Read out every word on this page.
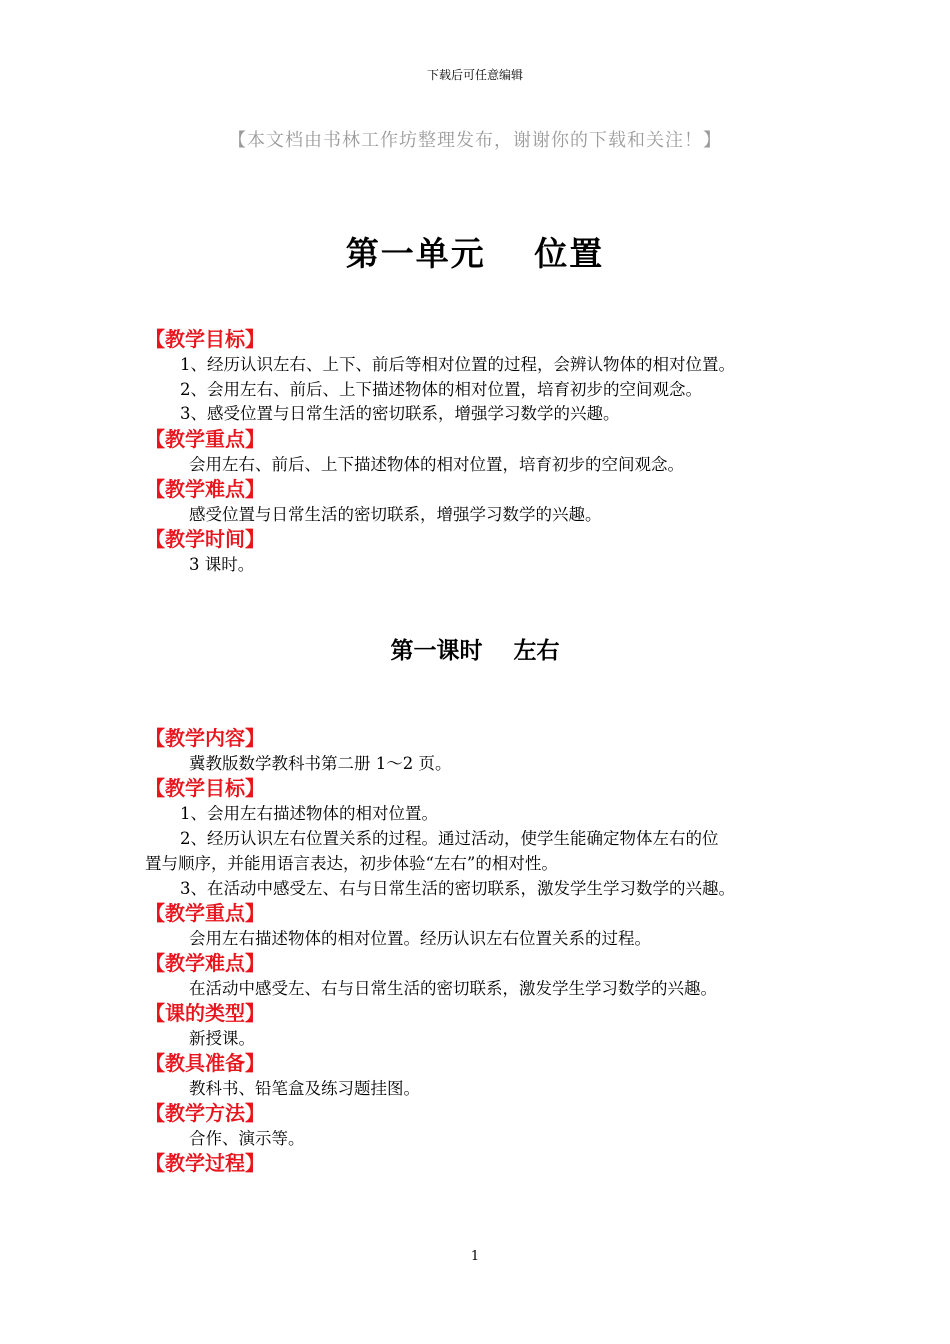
下载后可任意编辑
【本文档由书林工作坊整理发布，谢谢你的下载和关注！】
第一单元　 位置
【教学目标】
1、经历认识左右、上下、前后等相对位置的过程，会辨认物体的相对位置。
2、会用左右、前后、上下描述物体的相对位置，培育初步的空间观念。
3、感受位置与日常生活的密切联系，增强学习数学的兴趣。
【教学重点】
会用左右、前后、上下描述物体的相对位置，培育初步的空间观念。
【教学难点】
感受位置与日常生活的密切联系，增强学习数学的兴趣。
【教学时间】
3 课时。
第一课时　 左右
【教学内容】
冀教版数学教科书第二册 1～2 页。
【教学目标】
1、会用左右描述物体的相对位置。
2、经历认识左右位置关系的过程。通过活动，使学生能确定物体左右的位
置与顺序，并能用语言表达，初步体验“左右”的相对性。
3、在活动中感受左、右与日常生活的密切联系，激发学生学习数学的兴趣。
【教学重点】
会用左右描述物体的相对位置。经历认识左右位置关系的过程。
【教学难点】
在活动中感受左、右与日常生活的密切联系，激发学生学习数学的兴趣。
【课的类型】
新授课。
【教具准备】
教科书、铅笔盒及练习题挂图。
【教学方法】
合作、演示等。
【教学过程】
1
